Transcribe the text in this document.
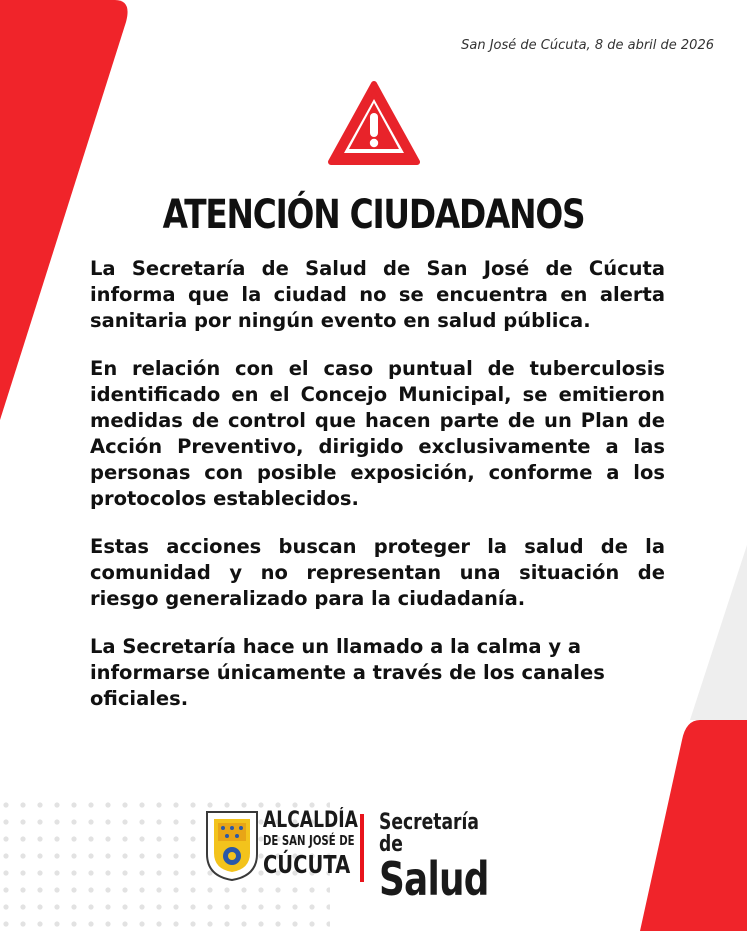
San José de Cúcuta, 8 de abril de 2026
ATENCIÓN CIUDADANOS

La Secretaría de Salud de San José de Cúcuta informa que la ciudad no se encuentra en alerta sanitaria por ningún evento en salud pública.

En relación con el caso puntual de tuberculosis identificado en el Concejo Municipal, se emitieron medidas de control que hacen parte de un Plan de Acción Preventivo, dirigido exclusivamente a las personas con posible exposición, conforme a los protocolos establecidos.

Estas acciones buscan proteger la salud de la comunidad y no representan una situación de riesgo generalizado para la ciudadanía.

La Secretaría hace un llamado a la calma y a informarse únicamente a través de los canales oficiales.

ALCALDÍA
DE SAN JOSÉ DE
CÚCUTA
Secretaría de
Salud
